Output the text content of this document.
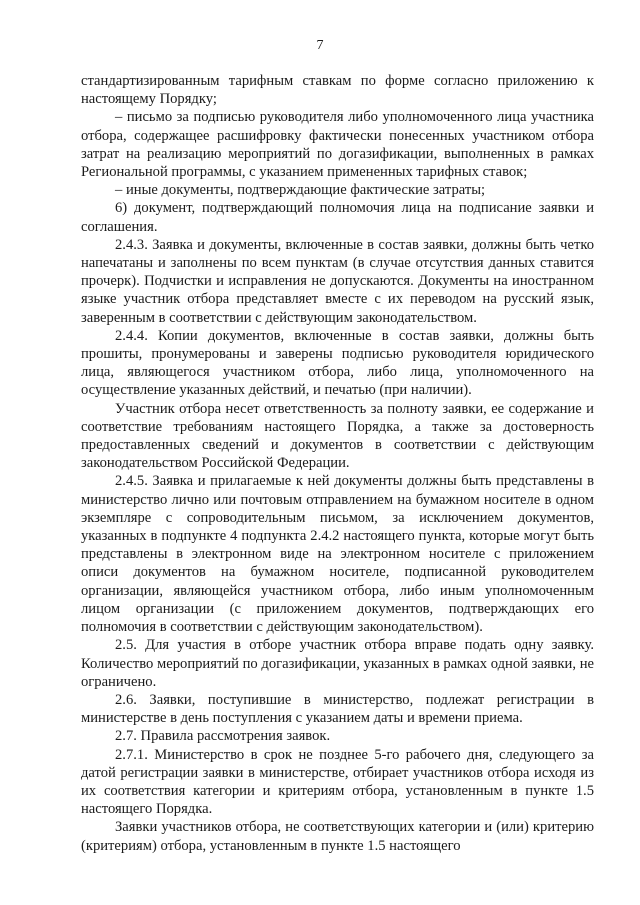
7

стандартизированным тарифным ставкам по форме согласно приложению к настоящему Порядку;

– письмо за подписью руководителя либо уполномоченного лица участника отбора, содержащее расшифровку фактически понесенных участником отбора затрат на реализацию мероприятий по догазификации, выполненных в рамках Региональной программы, с указанием примененных тарифных ставок;

– иные документы, подтверждающие фактические затраты;

6) документ, подтверждающий полномочия лица на подписание заявки и соглашения.

2.4.3. Заявка и документы, включенные в состав заявки, должны быть четко напечатаны и заполнены по всем пунктам (в случае отсутствия данных ставится прочерк). Подчистки и исправления не допускаются. Документы на иностранном языке участник отбора представляет вместе с их переводом на русский язык, заверенным в соответствии с действующим законодательством.

2.4.4. Копии документов, включенные в состав заявки, должны быть прошиты, пронумерованы и заверены подписью руководителя юридического лица, являющегося участником отбора, либо лица, уполномоченного на осуществление указанных действий, и печатью (при наличии).

Участник отбора несет ответственность за полноту заявки, ее содержание и соответствие требованиям настоящего Порядка, а также за достоверность предоставленных сведений и документов в соответствии с действующим законодательством Российской Федерации.

2.4.5. Заявка и прилагаемые к ней документы должны быть представлены в министерство лично или почтовым отправлением на бумажном носителе в одном экземпляре с сопроводительным письмом, за исключением документов, указанных в подпункте 4 подпункта 2.4.2 настоящего пункта, которые могут быть представлены в электронном виде на электронном носителе с приложением описи документов на бумажном носителе, подписанной руководителем организации, являющейся участником отбора, либо иным уполномоченным лицом организации (с приложением документов, подтверждающих его полномочия в соответствии с действующим законодательством).

2.5. Для участия в отборе участник отбора вправе подать одну заявку. Количество мероприятий по догазификации, указанных в рамках одной заявки, не ограничено.

2.6. Заявки, поступившие в министерство, подлежат регистрации в министерстве в день поступления с указанием даты и времени приема.

2.7. Правила рассмотрения заявок.

2.7.1. Министерство в срок не позднее 5-го рабочего дня, следующего за датой регистрации заявки в министерстве, отбирает участников отбора исходя из их соответствия категории и критериям отбора, установленным в пункте 1.5 настоящего Порядка.

Заявки участников отбора, не соответствующих категории и (или) критерию (критериям) отбора, установленным в пункте 1.5 настоящего
